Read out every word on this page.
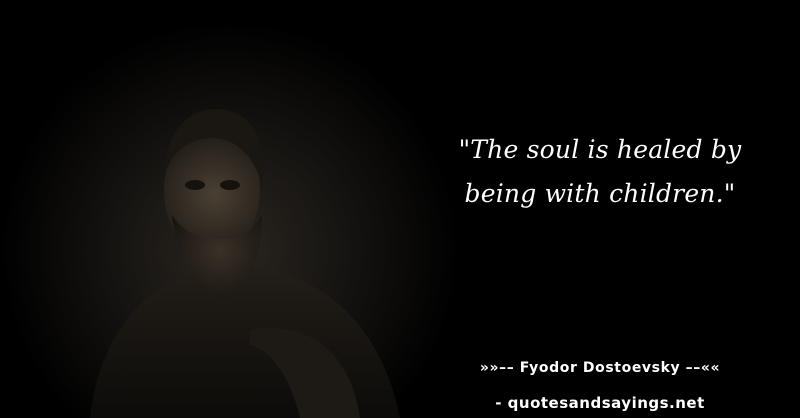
"The soul is healed by
being with children."
»»–– Fyodor Dostoevsky ––««
- quotesandsayings.net
